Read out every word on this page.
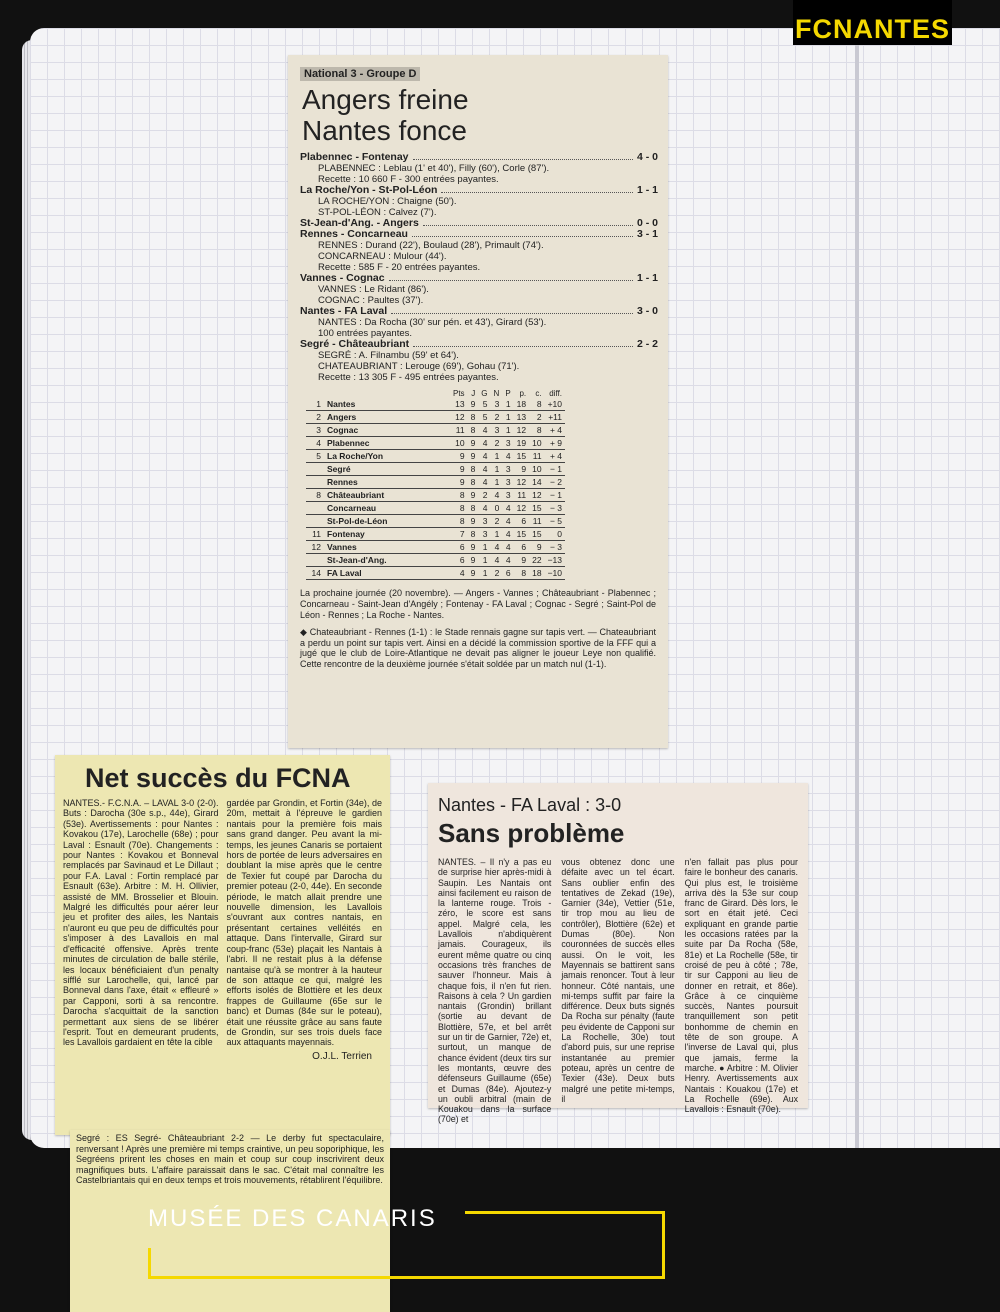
FCNANTES
National 3 - Groupe D
Angers freine
Nantes fonce
Plabennec - Fontenay	4 - 0
PLABENNEC : Leblau (1' et 40'), Filly (60'), Corle (87').
Recette : 10 660 F - 300 entrées payantes.
La Roche/Yon - St-Pol-Léon	1 - 1
LA ROCHE/YON : Chaigne (50').
ST-POL-LÉON : Calvez (7').
St-Jean-d'Ang. - Angers	0 - 0
Rennes - Concarneau	3 - 1
RENNES : Durand (22'), Boulaud (28'), Primault (74').
CONCARNEAU : Mulour (44').
Recette : 585 F - 20 entrées payantes.
Vannes - Cognac	1 - 1
VANNES : Le Ridant (86').
COGNAC : Paultes (37').
Nantes - FA Laval	3 - 0
NANTES : Da Rocha (30' sur pén. et 43'), Girard (53').
100 entrées payantes.
Segré - Châteaubriant	2 - 2
SEGRÉ : A. Filnambu (59' et 64').
CHATEAUBRIANT : Lerouge (69'), Gohau (71').
Recette : 13 305 F - 495 entrées payantes.
		Pts	J	G	N	P	p.	c.	diff.
1	Nantes	13	9	5	3	1	18	8	+10
2	Angers	12	8	5	2	1	13	2	+11
3	Cognac	11	8	4	3	1	12	8	+ 4
4	Plabennec	10	9	4	2	3	19	10	+ 9
5	La Roche/Yon	9	9	4	1	4	15	11	+ 4
	Segré	9	8	4	1	3	9	10	− 1
	Rennes	9	8	4	1	3	12	14	− 2
8	Châteaubriant	8	9	2	4	3	11	12	− 1
	Concarneau	8	8	4	0	4	12	15	− 3
	St-Pol-de-Léon	8	9	3	2	4	6	11	− 5
11	Fontenay	7	8	3	1	4	15	15	0
12	Vannes	6	9	1	4	4	6	9	− 3
	St-Jean-d'Ang.	6	9	1	4	4	9	22	−13
14	FA Laval	4	9	1	2	6	8	18	−10
La prochaine journée (20 novembre). — Angers - Vannes ; Châteaubriant - Plabennec ; Concarneau - Saint-Jean d'Angély ; Fontenay - FA Laval ; Cognac - Segré ; Saint-Pol de Léon - Rennes ; La Roche - Nantes.
◆ Chateaubriant - Rennes (1-1) : le Stade rennais gagne sur tapis vert. — Chateaubriant a perdu un point sur tapis vert. Ainsi en a décidé la commission sportive de la FFF qui a jugé que le club de Loire-Atlantique ne devait pas aligner le joueur Leye non qualifié. Cette rencontre de la deuxième journée s'était soldée par un match nul (1-1).
Net succès du FCNA
NANTES.- F.C.N.A. – LAVAL 3-0 (2-0). Buts : Darocha (30e s.p., 44e), Girard (53e). Avertissements : pour Nantes : Kovakou (17e), Larochelle (68e) ; pour Laval : Esnault (70e). Changements : pour Nantes : Kovakou et Bonneval remplacés par Savinaud et Le Dillaut ; pour F.A. Laval : Fortin remplacé par Esnault (63e). Arbitre : M. H. Ollivier, assisté de MM. Brosselier et Blouin. Malgré les difficultés pour aérer leur jeu et profiter des ailes, les Nantais n'auront eu que peu de difficultés pour s'imposer à des Lavallois en mal d'efficacité offensive. Après trente minutes de circulation de balle stérile, les locaux bénéficiaient d'un penalty sifflé sur Larochelle, qui, lancé par Bonneval dans l'axe, était « effleuré » par Capponi, sorti à sa rencontre. Darocha s'acquittait de la sanction permettant aux siens de se libérer l'esprit. Tout en demeurant prudents, les Lavallois gardaient en tête la cible
gardée par Grondin, et Fortin (34e), de 20m, mettait à l'épreuve le gardien nantais pour la première fois mais sans grand danger. Peu avant la mi-temps, les jeunes Canaris se portaient hors de portée de leurs adversaires en doublant la mise après que le centre de Texier fut coupé par Darocha du premier poteau (2-0, 44e). En seconde période, le match allait prendre une nouvelle dimension, les Lavallois s'ouvrant aux contres nantais, en présentant certaines velléités en attaque. Dans l'intervalle, Girard sur coup-franc (53e) plaçait les Nantais à l'abri. Il ne restait plus à la défense nantaise qu'à se montrer à la hauteur de son attaque ce qui, malgré les efforts isolés de Blottière et les deux frappes de Guillaume (65e sur le banc) et Dumas (84e sur le poteau), était une réussite grâce au sans faute de Grondin, sur ses trois duels face aux attaquants mayennais.
O.J.L. Terrien
Segré : ES Segré- Châteaubriant 2-2 — Le derby fut spectaculaire, renversant ! Après une première mi temps craintive, un peu soporiphique, les Segréens prirent les choses en main et coup sur coup inscrivirent deux magnifiques buts. L'affaire paraissait dans le sac. C'était mal connaître les Castelbriantais qui en deux temps et trois mouvements, rétablirent l'équilibre.
Nantes - FA Laval : 3-0
Sans problème
NANTES. – Il n'y a pas eu de surprise hier après-midi à Saupin. Les Nantais ont ainsi facilement eu raison de la lanterne rouge. Trois - zéro, le score est sans appel. Malgré cela, les Lavallois n'abdiquèrent jamais. Courageux, ils eurent même quatre ou cinq occasions très franches de sauver l'honneur. Mais à chaque fois, il n'en fut rien. Raisons à cela ? Un gardien nantais (Grondin) brillant (sortie au devant de Blottière, 57e, et bel arrêt sur un tir de Garnier, 72e) et, surtout, un manque de chance évident (deux tirs sur les montants, œuvre des défenseurs Guillaume (65e) et Dumas (84e). Ajoutez-y un oubli arbitral (main de Kouakou dans la surface (70e) et
vous obtenez donc une défaite avec un tel écart. Sans oublier enfin des tentatives de Zekad (19e), Garnier (34e), Vettier (51e, tir trop mou au lieu de contrôler), Blottière (62e) et Dumas (80e). Non couronnées de succès elles aussi. On le voit, les Mayennais se battirent sans jamais renoncer. Tout à leur honneur. Côté nantais, une mi-temps suffit par faire la différence. Deux buts signés Da Rocha sur pénalty (faute peu évidente de Capponi sur La Rochelle, 30e) tout d'abord puis, sur une reprise instantanée au premier poteau, après un centre de Texier (43e). Deux buts malgré une petite mi-temps, il
n'en fallait pas plus pour faire le bonheur des canaris. Qui plus est, le troisième arriva dès la 53e sur coup franc de Girard. Dès lors, le sort en était jeté. Ceci expliquant en grande partie les occasions ratées par la suite par Da Rocha (58e, 81e) et La Rochelle (58e, tir croisé de peu à côté ; 78e, tir sur Capponi au lieu de donner en retrait, et 86e). Grâce à ce cinquième succès, Nantes poursuit tranquillement son petit bonhomme de chemin en tête de son groupe. A l'inverse de Laval qui, plus que jamais, ferme la marche. ● Arbitre : M. Olivier Henry. Avertissements aux Nantais : Kouakou (17e) et La Rochelle (69e). Aux Lavallois : Esnault (70e).
MUSÉE DES CANARIS
